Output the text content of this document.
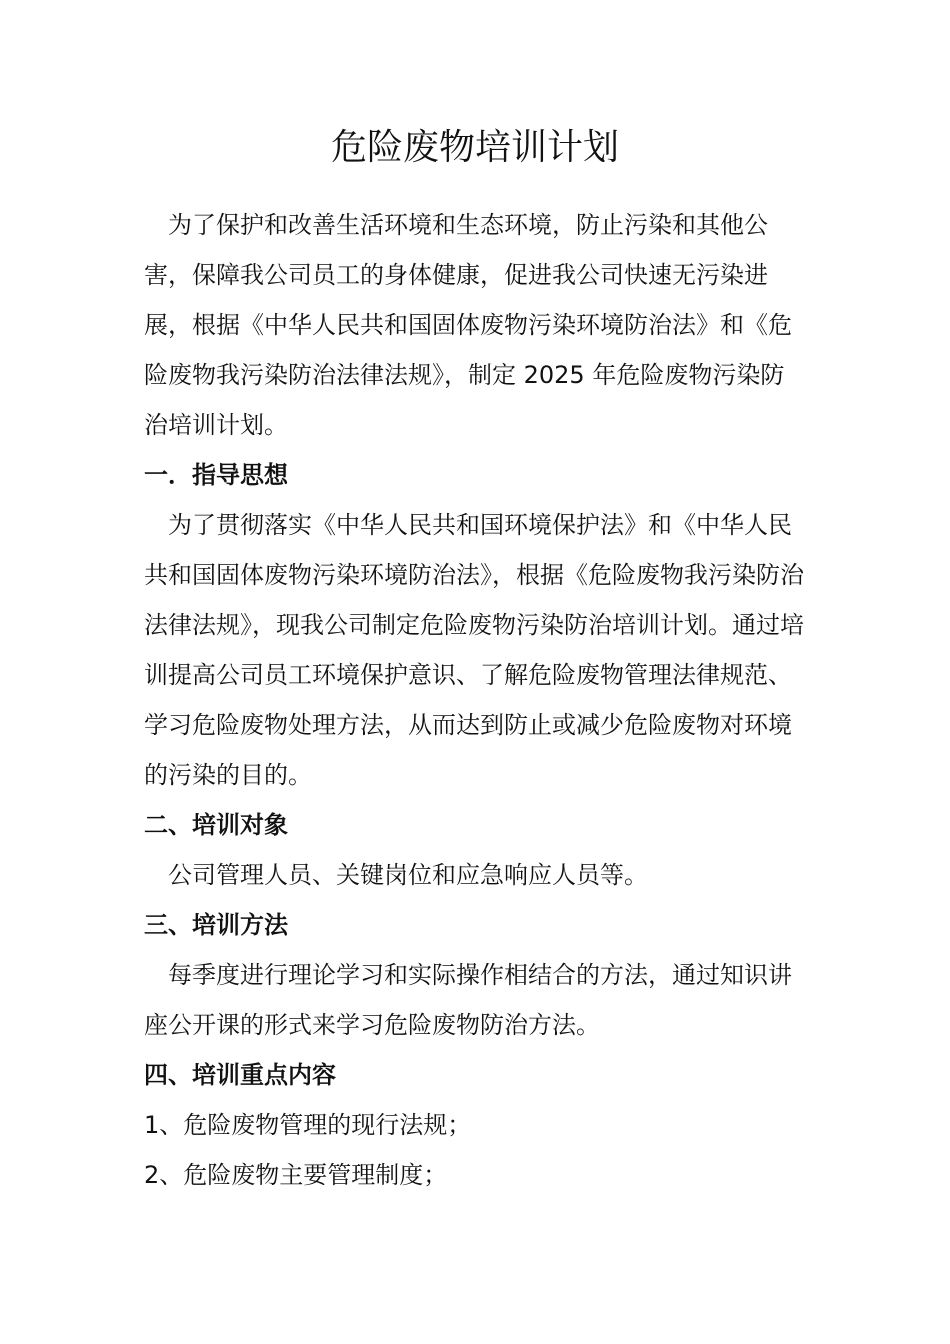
危险废物培训计划

为了保护和改善生活环境和生态环境，防止污染和其他公害，保障我公司员工的身体健康，促进我公司快速无污染进展，根据《中华人民共和国固体废物污染环境防治法》和《危险废物我污染防治法律法规》，制定 2025 年危险废物污染防治培训计划。

一．指导思想

为了贯彻落实《中华人民共和国环境保护法》和《中华人民共和国固体废物污染环境防治法》，根据《危险废物我污染防治法律法规》，现我公司制定危险废物污染防治培训计划。通过培训提高公司员工环境保护意识、了解危险废物管理法律规范、学习危险废物处理方法，从而达到防止或减少危险废物对环境的污染的目的。

二、培训对象

公司管理人员、关键岗位和应急响应人员等。

三、培训方法

每季度进行理论学习和实际操作相结合的方法，通过知识讲座公开课的形式来学习危险废物防治方法。

四、培训重点内容

1、危险废物管理的现行法规；

2、危险废物主要管理制度；
